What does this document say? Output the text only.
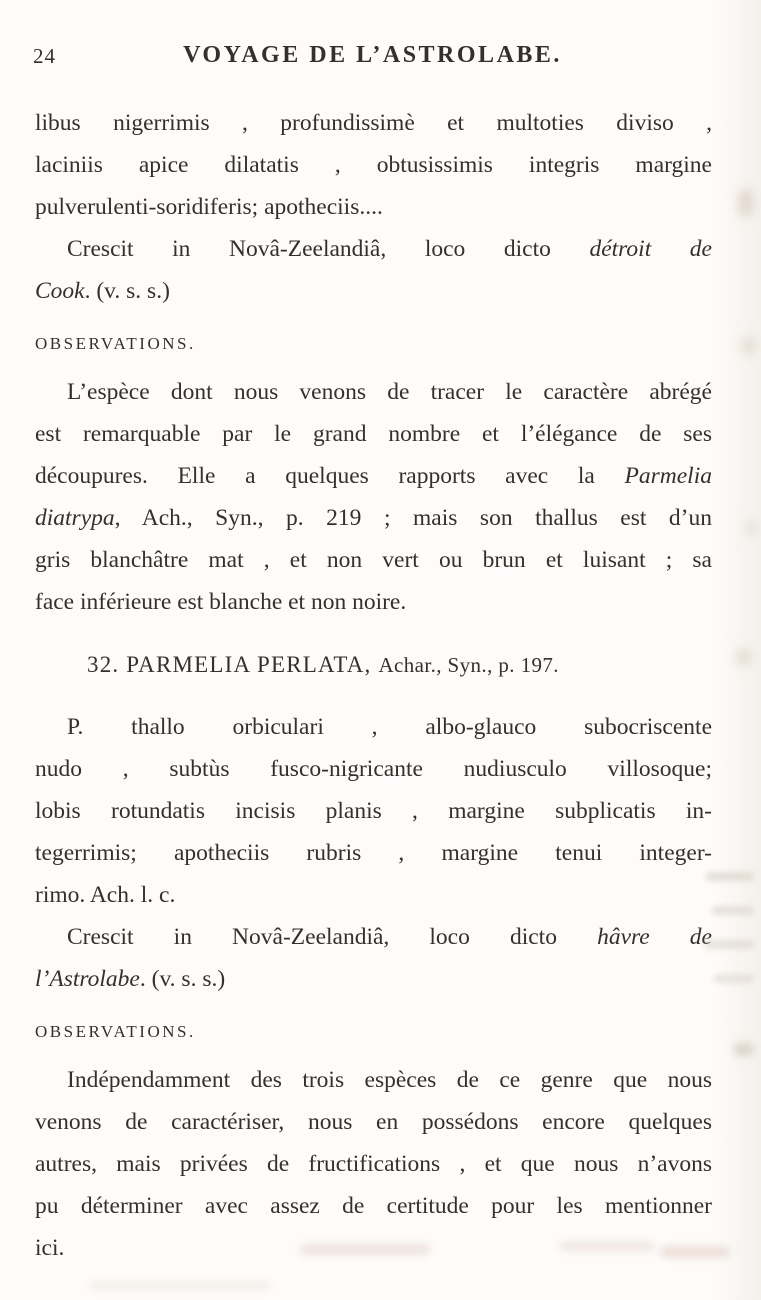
24	VOYAGE DE L’ASTROLABE.
libus nigerrimis , profundissimè et multoties diviso ,
laciniis apice dilatatis , obtusissimis integris margine
pulverulenti-soridiferis; apotheciis....
Crescit in Novâ-Zeelandiâ, loco dicto détroit de
Cook. (v. s. s.)
OBSERVATIONS.
L’espèce dont nous venons de tracer le caractère abrégé
est remarquable par le grand nombre et l’élégance de ses
découpures. Elle a quelques rapports avec la Parmelia
diatrypa, Ach., Syn., p. 219 ; mais son thallus est d’un
gris blanchâtre mat , et non vert ou brun et luisant ; sa
face inférieure est blanche et non noire.
32. PARMELIA PERLATA, Achar., Syn., p. 197.
P. thallo orbiculari , albo-glauco subocriscente
nudo , subtùs fusco-nigricante nudiusculo villosoque;
lobis rotundatis incisis planis , margine subplicatis in-
tegerrimis; apotheciis rubris , margine tenui integer-
rimo. Ach. l. c.
Crescit in Novâ-Zeelandiâ, loco dicto hâvre de
l’Astrolabe. (v. s. s.)
OBSERVATIONS.
Indépendamment des trois espèces de ce genre que nous
venons de caractériser, nous en possédons encore quelques
autres, mais privées de fructifications , et que nous n’avons
pu déterminer avec assez de certitude pour les mentionner
ici.
